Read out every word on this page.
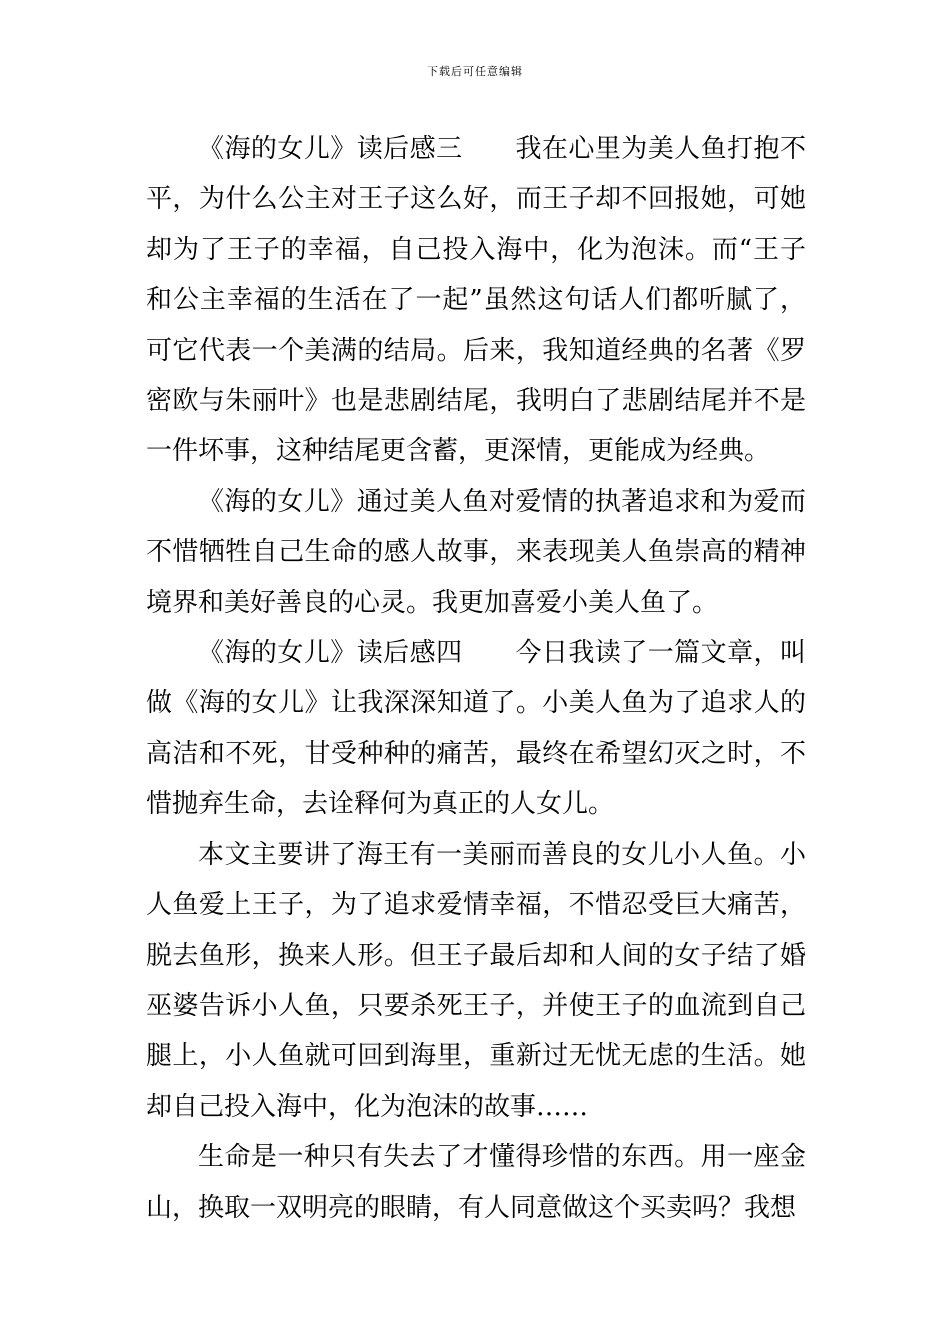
下载后可任意编辑

《海的女儿》读后感三　　我在心里为美人鱼打抱不平，为什么公主对王子这么好，而王子却不回报她，可她却为了王子的幸福，自己投入海中，化为泡沫。而“王子和公主幸福的生活在了一起”虽然这句话人们都听腻了，可它代表一个美满的结局。后来，我知道经典的名著《罗密欧与朱丽叶》也是悲剧结尾，我明白了悲剧结尾并不是一件坏事，这种结尾更含蓄，更深情，更能成为经典。

《海的女儿》通过美人鱼对爱情的执著追求和为爱而不惜牺牲自己生命的感人故事，来表现美人鱼崇高的精神境界和美好善良的心灵。我更加喜爱小美人鱼了。

《海的女儿》读后感四　　今日我读了一篇文章，叫做《海的女儿》让我深深知道了。小美人鱼为了追求人的高洁和不死，甘受种种的痛苦，最终在希望幻灭之时，不惜抛弃生命，去诠释何为真正的人女儿。

本文主要讲了海王有一美丽而善良的女儿小人鱼。小人鱼爱上王子，为了追求爱情幸福，不惜忍受巨大痛苦，脱去鱼形，换来人形。但王子最后却和人间的女子结了婚巫婆告诉小人鱼，只要杀死王子，并使王子的血流到自己腿上，小人鱼就可回到海里，重新过无忧无虑的生活。她却自己投入海中，化为泡沫的故事……

生命是一种只有失去了才懂得珍惜的东西。用一座金山，换取一双明亮的眼睛，有人同意做这个买卖吗？我想
